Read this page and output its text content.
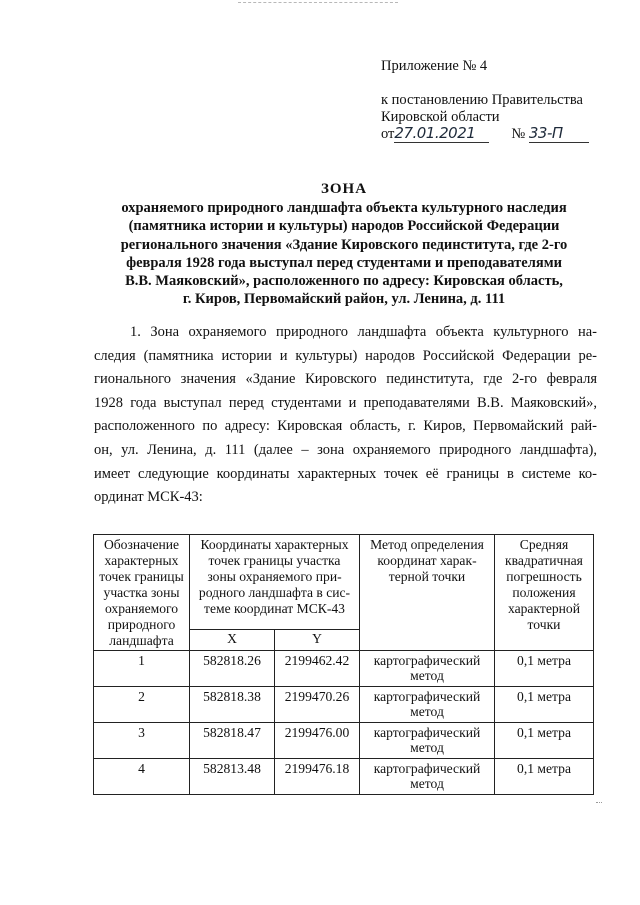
Приложение № 4
к постановлению Правительства
Кировской области
от27.01.2021 № 33-П
ЗОНА
охраняемого природного ландшафта объекта культурного наследия
(памятника истории и культуры) народов Российской Федерации
регионального значения «Здание Кировского пединститута, где 2-го
февраля 1928 года выступал перед студентами и преподавателями
В.В. Маяковский», расположенного по адресу: Кировская область,
г. Киров, Первомайский район, ул. Ленина, д. 111
1. Зона охраняемого природного ландшафта объекта культурного на-
следия (памятника истории и культуры) народов Российской Федерации ре-
гионального значения «Здание Кировского пединститута, где 2-го февраля
1928 года выступал перед студентами и преподавателями В.В. Маяковский»,
расположенного по адресу: Кировская область, г. Киров, Первомайский рай-
он, ул. Ленина, д. 111 (далее – зона охраняемого природного ландшафта),
имеет следующие координаты характерных точек её границы в системе ко-
ординат МСК-43:
Обозначение характерных точек границы участка зоны охраняемого природного ландшафта	Координаты характерных точек границы участка зоны охраняемого при-родного ландшафта в сис-теме координат МСК-43		Метод определения координат харак-терной точки	Средняя квадратичная погрешность положения характерной точки
	X	Y		
1	582818.26	2199462.42	картографический метод	0,1 метра
2	582818.38	2199470.26	картографический метод	0,1 метра
3	582818.47	2199476.00	картографический метод	0,1 метра
4	582813.48	2199476.18	картографический метод	0,1 метра
